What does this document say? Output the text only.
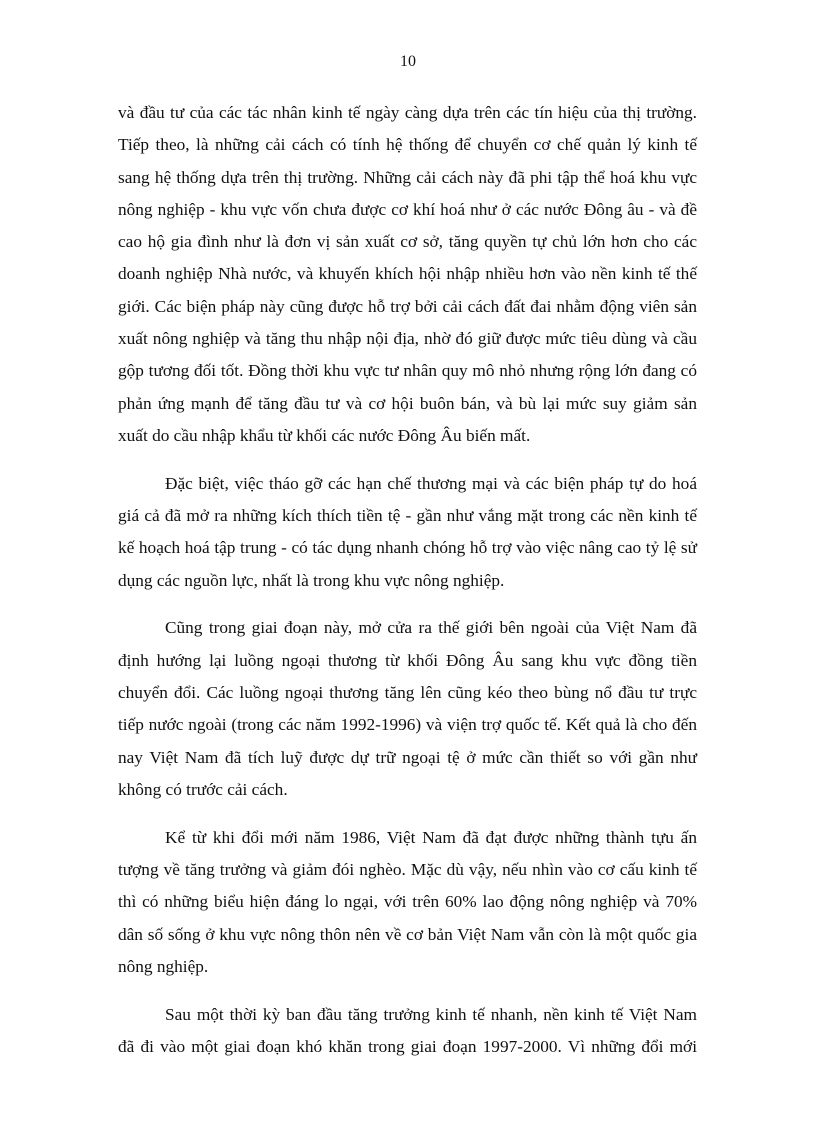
10
và đầu tư của các tác nhân kinh tế ngày càng dựa trên các tín hiệu của thị trường.
Tiếp theo, là những cải cách có tính hệ thống để chuyển cơ chế quản lý kinh tế
sang hệ thống dựa trên thị trường. Những cải cách này đã phi tập thể hoá khu vực
nông nghiệp - khu vực vốn chưa được cơ khí hoá như ở các nước Đông âu - và đề
cao hộ gia đình như là đơn vị sản xuất cơ sở, tăng quyền tự chủ lớn hơn cho các
doanh nghiệp Nhà nước, và khuyến khích hội nhập nhiều hơn vào nền kinh tế thế
giới. Các biện pháp này cũng được hỗ trợ bởi cải cách đất đai nhằm động viên sản
xuất nông nghiệp và tăng thu nhập nội địa, nhờ đó giữ được mức tiêu dùng và cầu
gộp tương đối tốt. Đồng thời khu vực tư nhân quy mô nhỏ nhưng rộng lớn đang có
phản ứng mạnh để tăng đầu tư và cơ hội buôn bán, và bù lại mức suy giảm sản
xuất do cầu nhập khẩu từ khối các nước Đông Âu biến mất.
Đặc biệt, việc tháo gỡ các hạn chế thương mại và các biện pháp tự do hoá
giá cả đã mở ra những kích thích tiền tệ - gần như vắng mặt trong các nền kinh tế
kế hoạch hoá tập trung - có tác dụng nhanh chóng hỗ trợ vào việc nâng cao tỷ lệ sử
dụng các nguồn lực, nhất là trong khu vực nông nghiệp.
Cũng trong giai đoạn này, mở cửa ra thế giới bên ngoài của Việt Nam đã
định hướng lại luồng ngoại thương từ khối Đông Âu sang khu vực đồng tiền
chuyển đổi. Các luồng ngoại thương tăng lên cũng kéo theo bùng nổ đầu tư trực
tiếp nước ngoài (trong các năm 1992-1996) và viện trợ quốc tế. Kết quả là cho đến
nay Việt Nam đã tích luỹ được dự trữ ngoại tệ ở mức cần thiết so với gần như
không có trước cải cách.
Kể từ khi đổi mới năm 1986, Việt Nam đã đạt được những thành tựu ấn
tượng về tăng trưởng và giảm đói nghèo. Mặc dù vậy, nếu nhìn vào cơ cấu kinh tế
thì có những biểu hiện đáng lo ngại, với trên 60% lao động nông nghiệp và 70%
dân số sống ở khu vực nông thôn nên về cơ bản Việt Nam vẫn còn là một quốc gia
nông nghiệp.
Sau một thời kỳ ban đầu tăng trưởng kinh tế nhanh, nền kinh tế Việt Nam
đã đi vào một giai đoạn khó khăn trong giai đoạn 1997-2000. Vì những đổi mới
